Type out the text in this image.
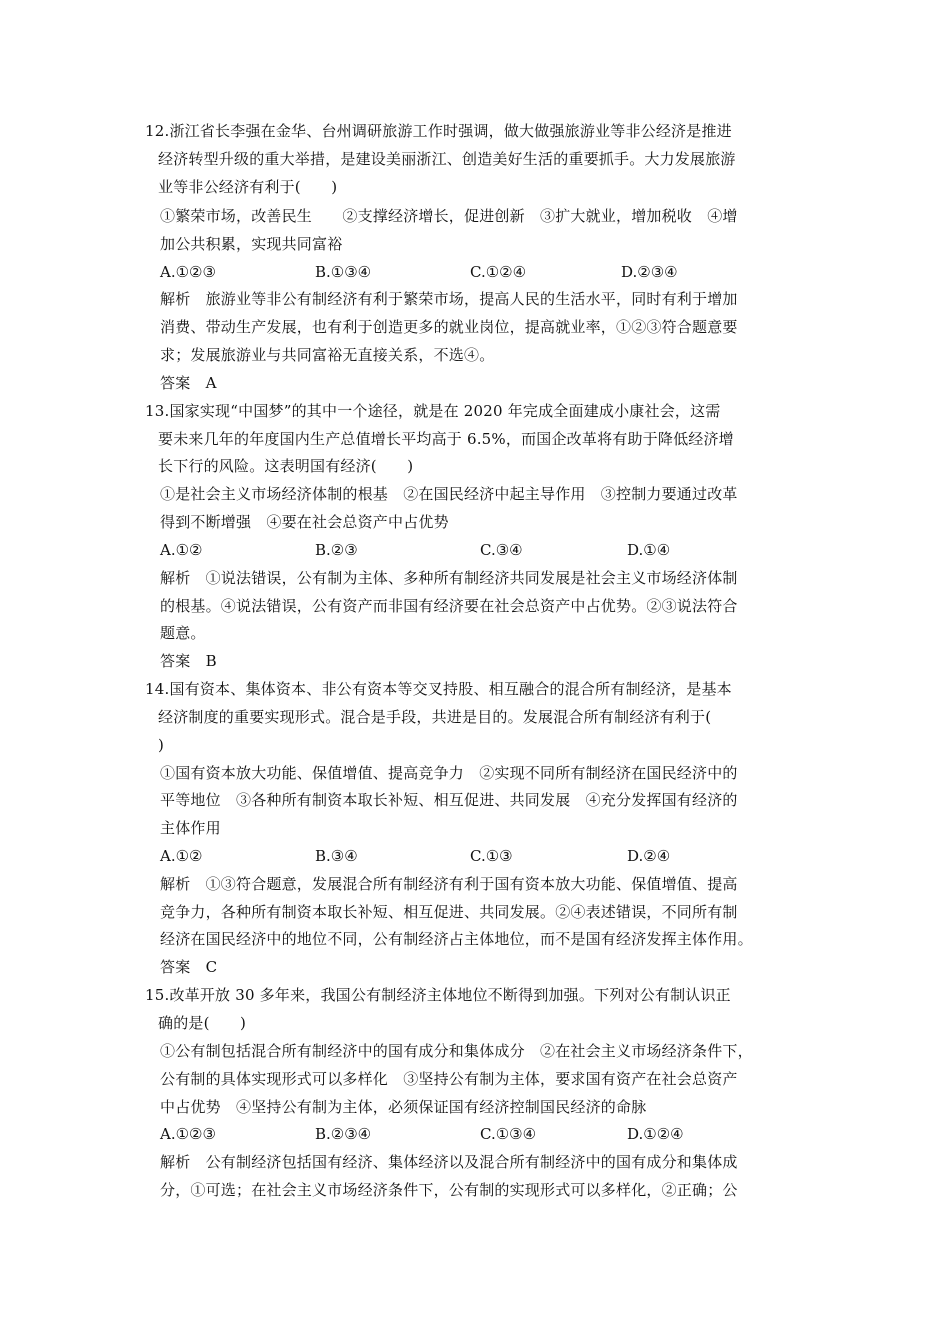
12.浙江省长李强在金华、台州调研旅游工作时强调，做大做强旅游业等非公经济是推进
经济转型升级的重大举措，是建设美丽浙江、创造美好生活的重要抓手。大力发展旅游
业等非公经济有利于(　　)
①繁荣市场，改善民生　　②支撑经济增长，促进创新　③扩大就业，增加税收　④增
加公共积累，实现共同富裕
A.①②③	B.①③④	C.①②④	D.②③④
解析　旅游业等非公有制经济有利于繁荣市场，提高人民的生活水平，同时有利于增加
消费、带动生产发展，也有利于创造更多的就业岗位，提高就业率，①②③符合题意要
求；发展旅游业与共同富裕无直接关系，不选④。
答案　A
13.国家实现“中国梦”的其中一个途径，就是在 2020 年完成全面建成小康社会，这需
要未来几年的年度国内生产总值增长平均高于 6.5%，而国企改革将有助于降低经济增
长下行的风险。这表明国有经济(　　)
①是社会主义市场经济体制的根基　②在国民经济中起主导作用　③控制力要通过改革
得到不断增强　④要在社会总资产中占优势
A.①②	B.②③	C.③④	D.①④
解析　①说法错误，公有制为主体、多种所有制经济共同发展是社会主义市场经济体制
的根基。④说法错误，公有资产而非国有经济要在社会总资产中占优势。②③说法符合
题意。
答案　B
14.国有资本、集体资本、非公有资本等交叉持股、相互融合的混合所有制经济，是基本
经济制度的重要实现形式。混合是手段，共进是目的。发展混合所有制经济有利于(
)
①国有资本放大功能、保值增值、提高竞争力　②实现不同所有制经济在国民经济中的
平等地位　③各种所有制资本取长补短、相互促进、共同发展　④充分发挥国有经济的
主体作用
A.①②	B.③④	C.①③	D.②④
解析　①③符合题意，发展混合所有制经济有利于国有资本放大功能、保值增值、提高
竞争力，各种所有制资本取长补短、相互促进、共同发展。②④表述错误，不同所有制
经济在国民经济中的地位不同，公有制经济占主体地位，而不是国有经济发挥主体作用。
答案　C
15.改革开放 30 多年来，我国公有制经济主体地位不断得到加强。下列对公有制认识正
确的是(　　)
①公有制包括混合所有制经济中的国有成分和集体成分　②在社会主义市场经济条件下，
公有制的具体实现形式可以多样化　③坚持公有制为主体，要求国有资产在社会总资产
中占优势　④坚持公有制为主体，必须保证国有经济控制国民经济的命脉
A.①②③	B.②③④	C.①③④	D.①②④
解析　公有制经济包括国有经济、集体经济以及混合所有制经济中的国有成分和集体成
分，①可选；在社会主义市场经济条件下，公有制的实现形式可以多样化，②正确；公
